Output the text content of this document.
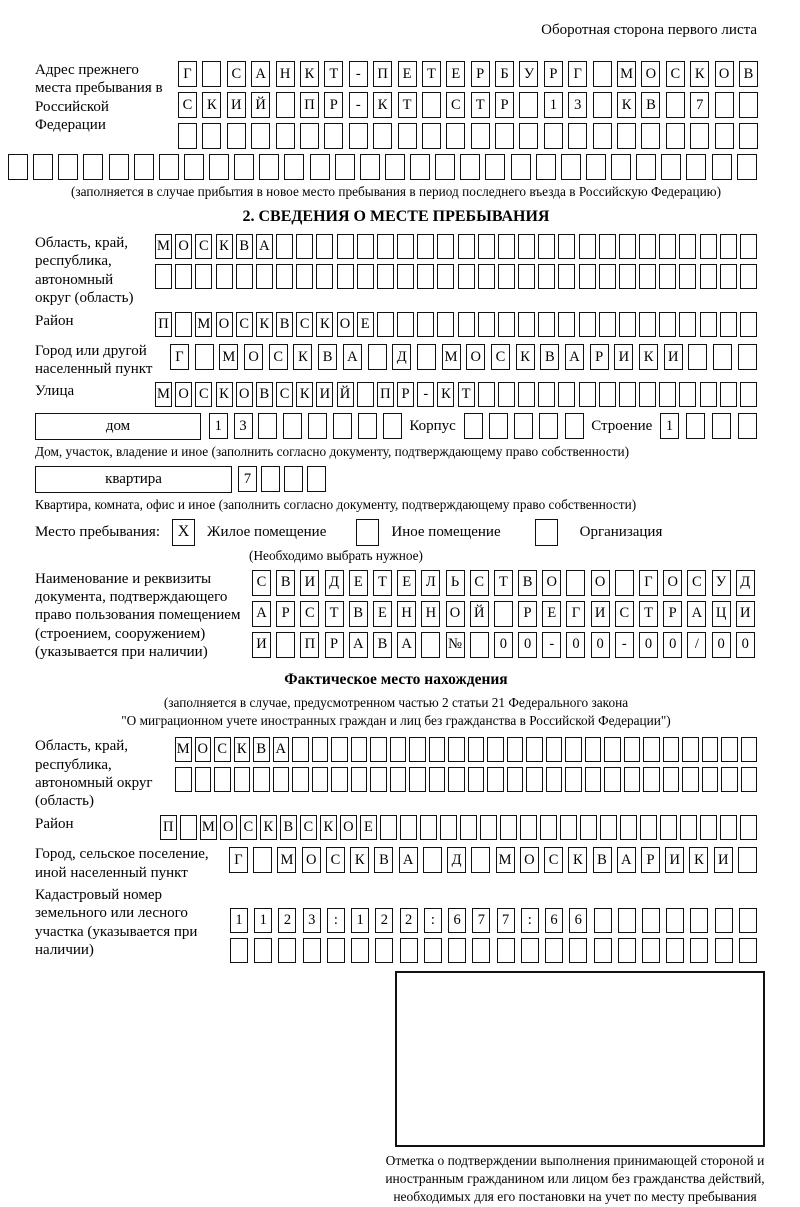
Оборотная сторона первого листа
Адрес прежнего места пребывания в Российской Федерации
Г	С А Н К	Т	-	П	Е	Т	Е	Р	Б	У	Р	Г	М О С	К О В
С	К И Й	П	Р	-	К	Т	С	Т	Р	1	3	К	В	7
(заполняется в случае прибытия в новое место пребывания в период последнего въезда в Российскую Федерацию)
2. СВЕДЕНИЯ О МЕСТЕ ПРЕБЫВАНИЯ
Область, край, республика, автономный округ (область)
М О С К В А
Район	П М О С К В С К О Е
Город или другой населенный пункт
Г	М О	С	К	В	А	Д	М О	С	К	В	А	Р	И	К	И
Улица	М О С К О В С К И Й П Р - К Т
дом	1	3	Корпус	Строение 1
Дом, участок, владение и иное (заполнить согласно документу, подтверждающему право собственности)
квартира	7
Квартира, комната, офис и иное (заполнить согласно документу, подтверждающему право собственности)
Место пребывания:	X	Жилое помещение	Иное помещение	Организация
(Необходимо выбрать нужное)
Наименование и реквизиты документа, подтверждающего право пользования помещением (строением, сооружением) (указывается при наличии)
С	В И Д	Е	Т	Е	Л	Ь	С	Т	В О	О	Г	О С У Д
А	Р	С	Т	В	Е	Н Н О Й	Р	Е	Г	И С	Т	Р	А Ц И
И	П	Р	А В А №	0	0	-	0	0	-	0	0	/	0	0
Фактическое место нахождения
(заполняется в случае, предусмотренном частью 2 статьи 21 Федерального закона
"О миграционном учете иностранных граждан и лиц без гражданства в Российской Федерации")
Область, край, республика, автономный округ (область)
М О С К В А
Район	П М О С К В С К О Е
Город, сельское поселение, иной населенный пункт
Г	М О С	К	В А	Д	М О С	К	В А	Р	И К И
Кадастровый номер земельного или лесного участка (указывается при наличии)
1	1	2	3	:	1	2	2	:	6	7	7	:	6	6
Отметка о подтверждении выполнения принимающей стороной и иностранным гражданином или лицом без гражданства действий, необходимых для его постановки на учет по месту пребывания
